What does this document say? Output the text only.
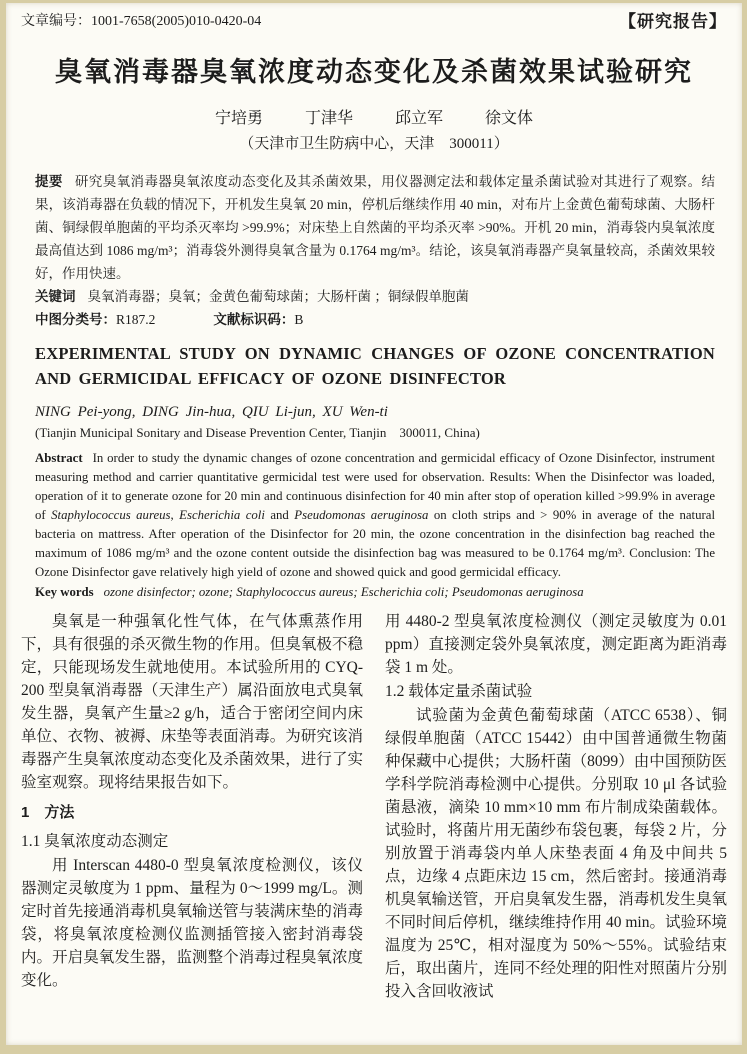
文章编号：1001-7658(2005)010-0420-04	【研究报告】
臭氧消毒器臭氧浓度动态变化及杀菌效果试验研究
宁培勇	丁津华	邱立军	徐文体
（天津市卫生防病中心，天津　300011）

提要 研究臭氧消毒器臭氧浓度动态变化及其杀菌效果，用仪器测定法和载体定量杀菌试验对其进行了观察。结果，该消毒器在负载的情况下，开机发生臭氧 20 min，停机后继续作用 40 min，对布片上金黄色葡萄球菌、大肠杆菌、铜绿假单胞菌的平均杀灭率均 >99.9%；对床垫上自然菌的平均杀灭率 >90%。开机 20 min，消毒袋内臭氧浓度最高值达到 1086 mg/m³；消毒袋外测得臭氧含量为 0.1764 mg/m³。结论，该臭氧消毒器产臭氧量较高，杀菌效果较好，作用快速。

关键词 臭氧消毒器；臭氧；金黄色葡萄球菌；大肠杆菌 ；铜绿假单胞菌

中图分类号：R187.2	文献标识码：B

EXPERIMENTAL STUDY ON DYNAMIC CHANGES OF OZONE CONCENTRATION AND GERMICIDAL EFFICACY OF OZONE DISINFECTOR
NING Pei-yong, DING Jin-hua, QIU Li-jun, XU Wen-ti
(Tianjin Municipal Sonitary and Disease Prevention Center, Tianjin　300011, China)

Abstract In order to study the dynamic changes of ozone concentration and germicidal efficacy of Ozone Disinfector, instrument measuring method and carrier quantitative germicidal test were used for observation. Results: When the Disinfector was loaded, operation of it to generate ozone for 20 min and continuous disinfection for 40 min after stop of operation killed >99.9% in average of Staphylococcus aureus, Escherichia coli and Pseudomonas aeruginosa on cloth strips and > 90% in average of the natural bacteria on mattress. After operation of the Disinfector for 20 min, the ozone concentration in the disinfection bag reached the maximum of 1086 mg/m³ and the ozone content outside the disinfection bag was measured to be 0.1764 mg/m³. Conclusion: The Ozone Disinfector gave relatively high yield of ozone and showed quick and good germicidal efficacy.

Key words ozone disinfector; ozone; Staphylococcus aureus; Escherichia coli; Pseudomonas aeruginosa

臭氧是一种强氧化性气体，在气体熏蒸作用下，具有很强的杀灭微生物的作用。但臭氧极不稳定，只能现场发生就地使用。本试验所用的 CYQ-200 型臭氧消毒器（天津生产）属沿面放电式臭氧发生器，臭氧产生量≥2 g/h，适合于密闭空间内床单位、衣物、被褥、床垫等表面消毒。为研究该消毒器产生臭氧浓度动态变化及杀菌效果，进行了实验室观察。现将结果报告如下。

1　方法
1.1 臭氧浓度动态测定

用 Interscan 4480-0 型臭氧浓度检测仪，该仪器测定灵敏度为 1 ppm、量程为 0～1999 mg/L。测定时首先接通消毒机臭氧输送管与装满床垫的消毒袋，将臭氧浓度检测仪监测插管接入密封消毒袋内。开启臭氧发生器，监测整个消毒过程臭氧浓度变化。

用 4480-2 型臭氧浓度检测仪（测定灵敏度为 0.01 ppm）直接测定袋外臭氧浓度，测定距离为距消毒袋 1 m 处。

1.2 载体定量杀菌试验

试验菌为金黄色葡萄球菌（ATCC 6538）、铜绿假单胞菌（ATCC 15442）由中国普通微生物菌种保藏中心提供；大肠杆菌（8099）由中国预防医学科学院消毒检测中心提供。分别取 10 μl 各试验菌悬液，滴染 10 mm×10 mm 布片制成染菌载体。试验时，将菌片用无菌纱布袋包裹，每袋 2 片，分别放置于消毒袋内单人床垫表面 4 角及中间共 5 点，边缘 4 点距床边 15 cm，然后密封。接通消毒机臭氧输送管，开启臭氧发生器，消毒机发生臭氧不同时间后停机，继续维持作用 40 min。试验环境温度为 25℃，相对湿度为 50%～55%。试验结束后，取出菌片，连同不经处理的阳性对照菌片分别投入含回收液试
